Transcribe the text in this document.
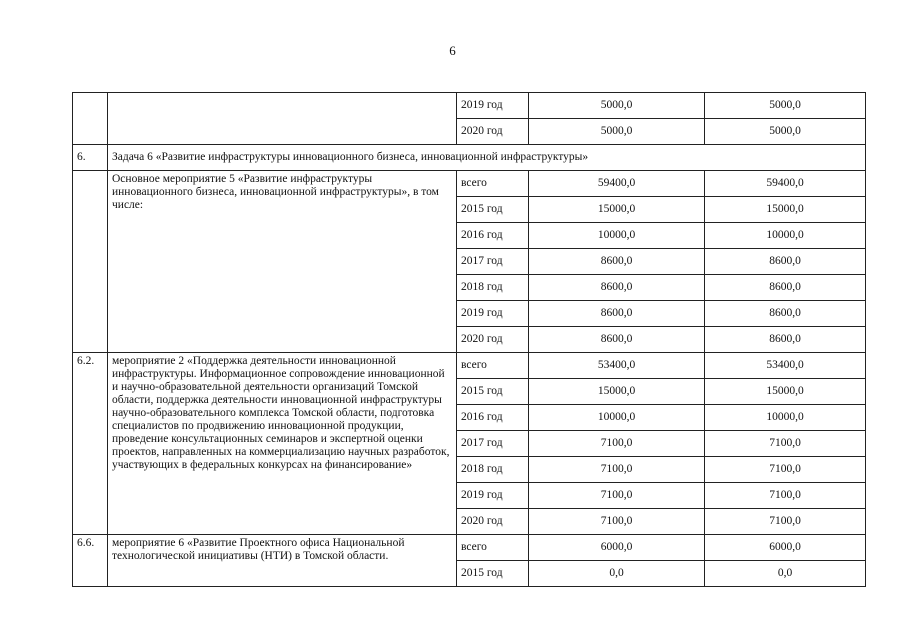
6
		2019 год	5000,0	5000,0
		2020 год	5000,0	5000,0
6.	Задача 6 «Развитие инфраструктуры инновационного бизнеса, инновационной инфраструктуры»			
	Основное мероприятие 5 «Развитие инфраструктуры инновационного бизнеса, инновационной инфраструктуры», в том числе:	всего	59400,0	59400,0
		2015 год	15000,0	15000,0
		2016 год	10000,0	10000,0
		2017 год	8600,0	8600,0
		2018 год	8600,0	8600,0
		2019 год	8600,0	8600,0
		2020 год	8600,0	8600,0
6.2.	мероприятие 2 «Поддержка деятельности инновационной инфраструктуры. Информационное сопровождение инновационной и научно-образовательной деятельности организаций Томской области, поддержка деятельности инновационной инфраструктуры научно-образовательного комплекса Томской области, подготовка специалистов по продвижению инновационной продукции, проведение консультационных семинаров и экспертной оценки проектов, направленных на коммерциализацию научных разработок, участвующих в федеральных конкурсах на финансирование»	всего	53400,0	53400,0
		2015 год	15000,0	15000,0
		2016 год	10000,0	10000,0
		2017 год	7100,0	7100,0
		2018 год	7100,0	7100,0
		2019 год	7100,0	7100,0
		2020 год	7100,0	7100,0
6.6.	мероприятие 6 «Развитие Проектного офиса Национальной технологической инициативы (НТИ) в Томской области.	всего	6000,0	6000,0
		2015 год	0,0	0,0
